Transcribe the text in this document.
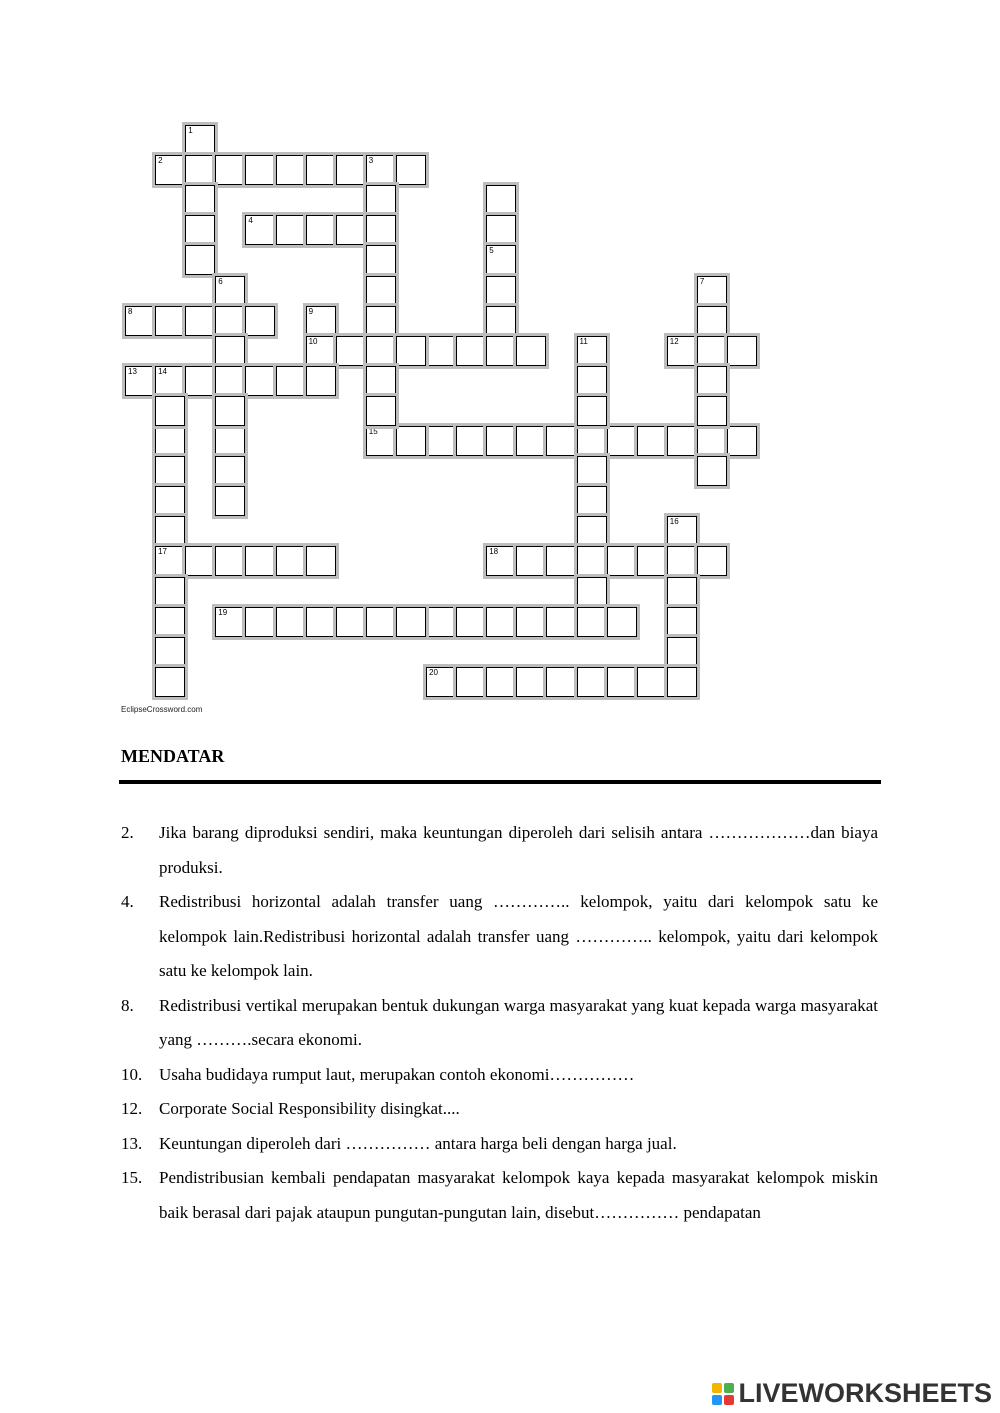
1
2	3
15
16
17	18
19
20
4
5
7
6
8	9
11	12
10
13	14
EclipseCrossword.com
MENDATAR
2. Jika barang diproduksi sendiri, maka keuntungan diperoleh dari selisih antara ………………dan biaya produksi.
4. Redistribusi horizontal adalah transfer uang ………….. kelompok, yaitu dari kelompok satu ke kelompok lain.Redistribusi horizontal adalah transfer uang ………….. kelompok, yaitu dari kelompok satu ke kelompok lain.
8. Redistribusi vertikal merupakan bentuk dukungan warga masyarakat yang kuat kepada warga masyarakat yang ……….secara ekonomi.
10. Usaha budidaya rumput laut, merupakan contoh ekonomi……………
12. Corporate Social Responsibility disingkat....
13. Keuntungan diperoleh dari …………… antara harga beli dengan harga jual.
15. Pendistribusian kembali pendapatan masyarakat kelompok kaya kepada masyarakat kelompok miskin baik berasal dari pajak ataupun pungutan-pungutan lain, disebut…………… pendapatan
LIVEWORKSHEETS
